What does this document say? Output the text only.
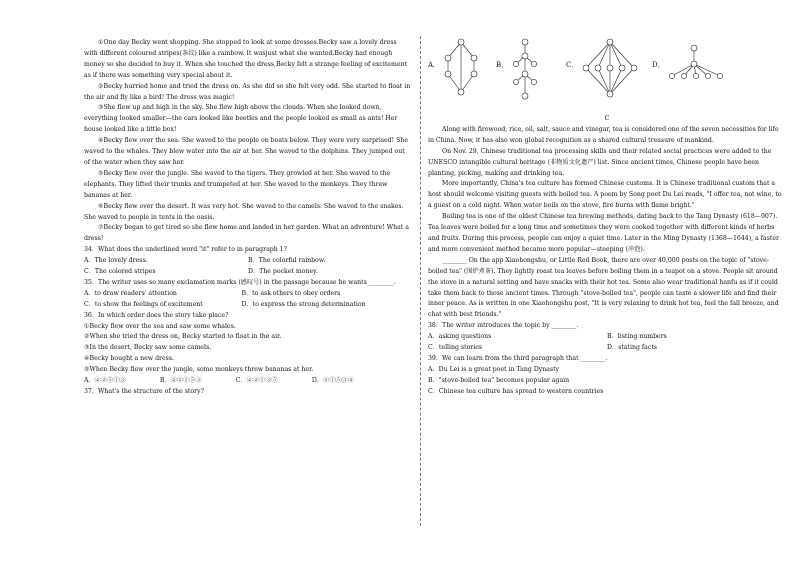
①One day Becky went shopping. She stopped to look at some dresses.Becky saw a lovely dress with different coloured stripes(条纹) like a rainbow. It wasjust what she wanted.Becky had enough money so she decided to buy it. When she touched the dress,Becky felt a strange feeling of excitement as if there was something very special about it.

②Becky hurried home and tried the dress on. As she did so she felt very odd. She started to float in the air and fly like a bird! The dress was magic!

③She flew up and high in the sky. She flew high above the clouds. When she looked down, everything looked smaller—the cars looked like beetles and the people looked as small as ants! Her house looked like a little box!

④Becky flew over the sea. She waved to the people on boats below. They were very surprised! She waved to the whales. They blew water into the air at her. She waved to the dolphins. They jumped out of the water when they saw her.

⑤Becky flew over the jungle. She waved to the tigers. They growled at her. She waved to the elephants. They lifted their trunks and trumpeted at her. She waved to the monkeys. They threw bananas at her.

⑥Becky flew over the desert. It was very hot. She waved to the camels. She waved to the snakes. She waved to people in tents in the oasis.

⑦Becky began to get tired so she flew home and landed in her garden. What an adventure! What a dress!

34．What does the underlined word "it" refer to in paragraph 1?

A．The lovely dress.	B．The colorful rainbow.
C．The colored stripes	D．The pocket money.

35．The writer uses so many exclamation marks (感叹号) in the passage because he wants ________.

A．to draw readers' attention	B．to ask others to obey orders
C．to show the feelings of excitement	D．to express the strong determination

36．In which order does the story take place?

①Becky flew over the sea and saw some whales.

②When she tried the dress on, Becky started to float in the air.

③In the desert, Becky saw some camels.

④Becky bought a new dress.

⑤When Becky flew over the jungle, some monkeys threw bananas at her.

A．④②⑤①③	B．④②①⑤③	C．④②①③⑤	D．②①⑤③④

37．What's the structure of the story?

A．	B．	C．	D．

C

Along with firewood, rice, oil, salt, sauce and vinegar, tea is considered one of the seven necessities for life in China. Now, it has also won global recognition as a shared cultural treasure of mankind.

On Nov. 29, Chinese traditional tea processing skills and their related social practices were added to the UNESCO intangible cultural heritage (非物质文化遗产) list. Since ancient times, Chinese people have been planting, picking, making and drinking tea.

More importantly, China's tea culture has formed Chinese customs. It is Chinese traditional custom that a host should welcome visiting guests with boiled tea. A poem by Song poet Du Lei reads, "I offer tea, not wine, to a guest on a cold night. When water boils on the stove, fire burns with flame bright."

Boiling tea is one of the oldest Chinese tea brewing methods, dating back to the Tang Dynasty (618—907). Tea leaves were boiled for a long time and sometimes they were cooked together with different kinds of herbs and fruits. During this process, people can enjoy a quiet time. Later in the Ming Dynasty (1368—1644), a faster and more convenient method became more popular—steeping (冲泡).

________ On the app Xiaohongshu, or Little Red Book, there are over 40,000 posts on the topic of "stove-boiled tea" (围炉煮茶). They lightly roast tea leaves before boiling them in a teapot on a stove. People sit around the stove in a natural setting and have snacks with their hot tea. Some also wear traditional hanfu as if it could take them back to those ancient times. Through "stove-boiled tea", people can taste a slower life and find their inner peace. As is written in one Xiaohongshu post, "It is very relaxing to drink hot tea, feel the fall breeze, and chat with best friends."

38．The writer introduces the topic by ________.

A．asking questions	B．listing numbers
C．telling stories	D．stating facts

39．We can learn from the third paragraph that ________.

A．Du Lei is a great poet in Tang Dynasty

B．"stove-boiled tea" becomes popular again

C．Chinese tea culture has spread to western countries
